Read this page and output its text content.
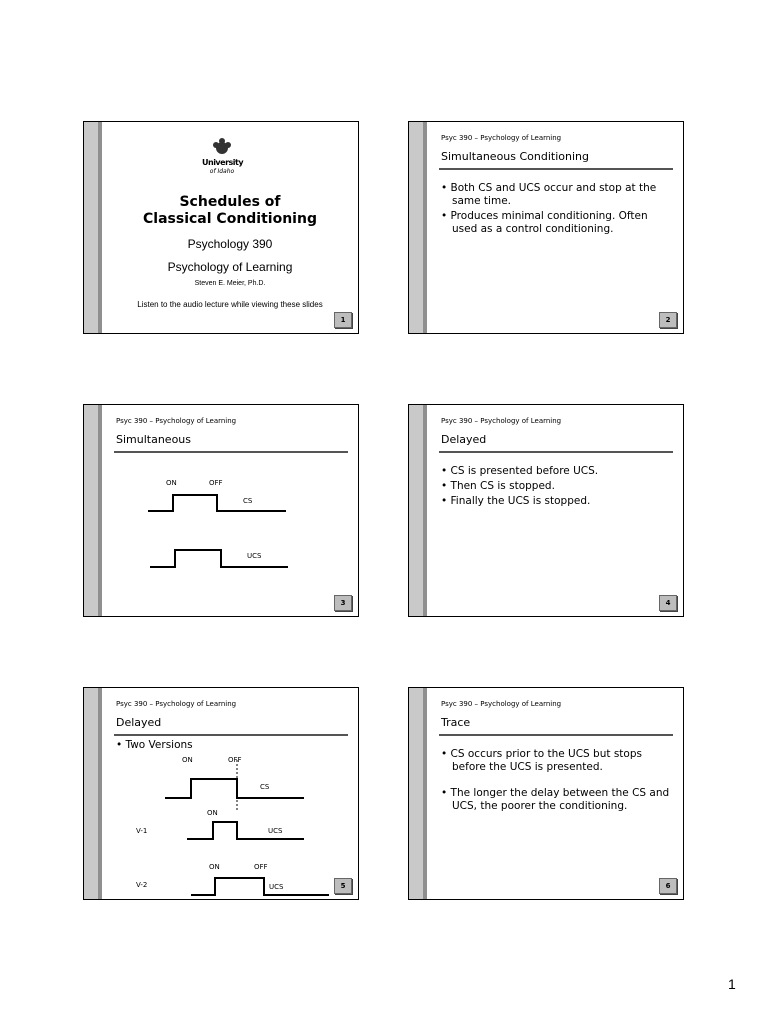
University
of Idaho
Schedules of
Classical Conditioning
Psychology 390
Psychology of Learning
Steven E. Meier, Ph.D.
Listen to the audio lecture while viewing these slides
1
Psyc 390 – Psychology of Learning
Simultaneous Conditioning
• Both CS and UCS occur and stop at the same time.
• Produces minimal conditioning. Often used as a control conditioning.
2
Psyc 390 – Psychology of Learning
Simultaneous
ON	OFF
CS
UCS
3
Psyc 390 – Psychology of Learning
Delayed
• CS is presented before UCS.
• Then CS is stopped.
• Finally the UCS is stopped.
4
Psyc 390 – Psychology of Learning
Delayed
• Two Versions
ON	OFF
CS
ON
V-1	UCS
ON	OFF
V-2	UCS	5
Psyc 390 – Psychology of Learning
Trace
• CS occurs prior to the UCS but stops before the UCS is presented.
• The longer the delay between the CS and UCS, the poorer the conditioning.
6
1
